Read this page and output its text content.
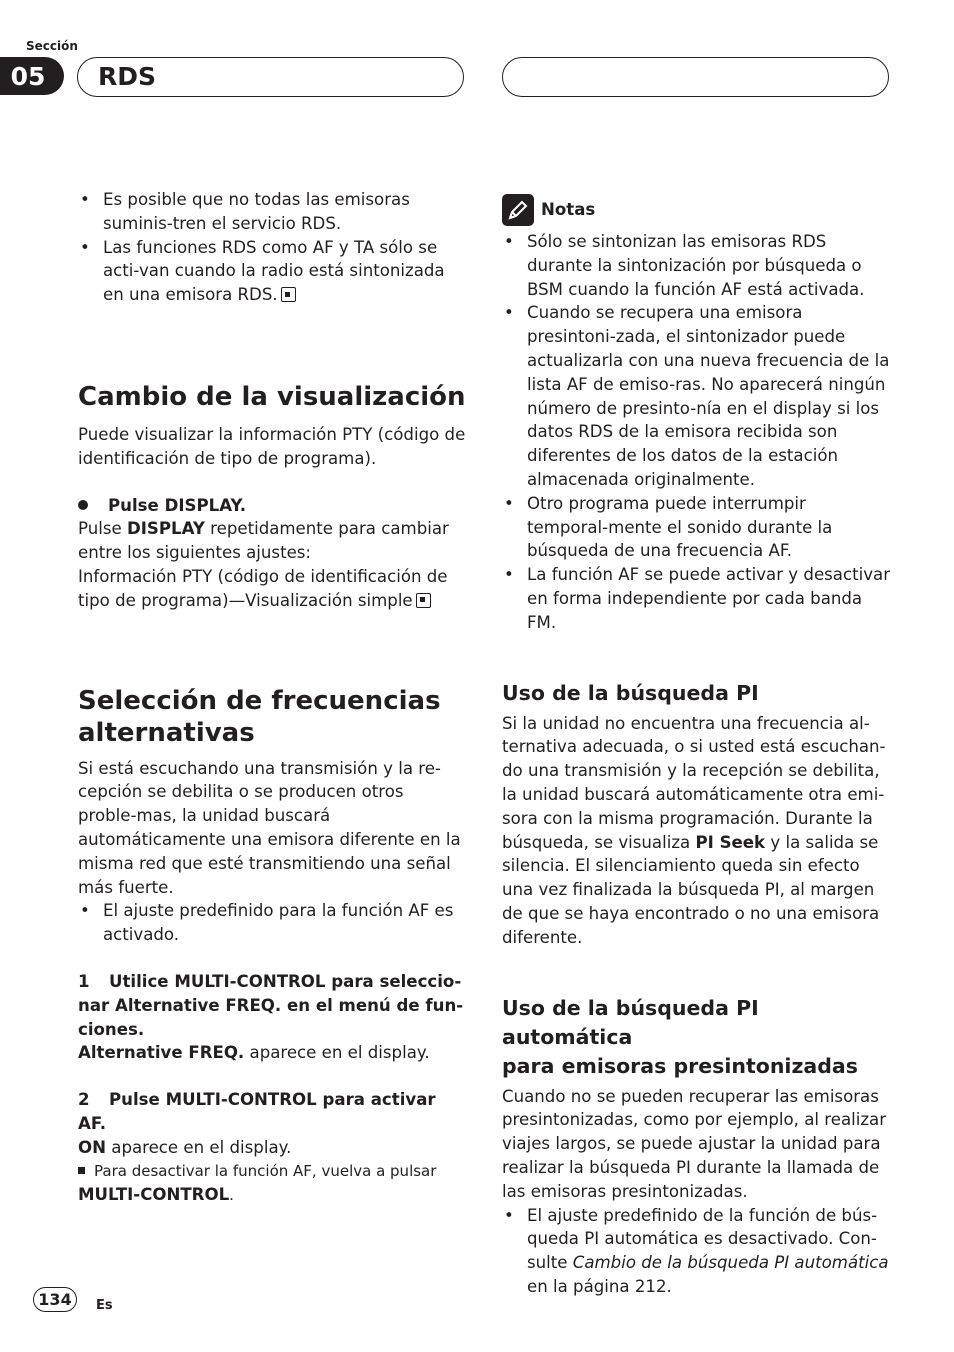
Sección
05	RDS
• Es posible que no todas las emisoras suminis-tren el servicio RDS.
• Las funciones RDS como AF y TA sólo se acti-van cuando la radio está sintonizada en una emisora RDS.
Cambio de la visualización

Puede visualizar la información PTY (código de identificación de tipo de programa).

Pulse DISPLAY.

Pulse DISPLAY repetidamente para cambiar entre los siguientes ajustes:

Información PTY (código de identificación de tipo de programa)—Visualización simple

Selección de frecuencias
alternativas

Si está escuchando una transmisión y la re-cepción se debilita o se producen otros proble-mas, la unidad buscará automáticamente una emisora diferente en la misma red que esté transmitiendo una señal más fuerte.

• El ajuste predefinido para la función AF es activado.

1 Utilice MULTI-CONTROL para seleccio-nar Alternative FREQ. en el menú de fun-ciones.

Alternative FREQ. aparece en el display.

2 Pulse MULTI-CONTROL para activar AF.

ON aparece en el display.

Para desactivar la función AF, vuelva a pulsar
MULTI-CONTROL.

Notas
• Sólo se sintonizan las emisoras RDS durante la sintonización por búsqueda o BSM cuando la función AF está activada.
• Cuando se recupera una emisora presintoni-zada, el sintonizador puede actualizarla con una nueva frecuencia de la lista AF de emiso-ras. No aparecerá ningún número de presinto-nía en el display si los datos RDS de la emisora recibida son diferentes de los datos de la estación almacenada originalmente.
• Otro programa puede interrumpir temporal-mente el sonido durante la búsqueda de una frecuencia AF.
• La función AF se puede activar y desactivar en forma independiente por cada banda FM.
Uso de la búsqueda PI

Si la unidad no encuentra una frecuencia al-ternativa adecuada, o si usted está escuchan-do una transmisión y la recepción se debilita, la unidad buscará automáticamente otra emi-sora con la misma programación. Durante la búsqueda, se visualiza PI Seek y la salida se silencia. El silenciamiento queda sin efecto una vez finalizada la búsqueda PI, al margen de que se haya encontrado o no una emisora diferente.

Uso de la búsqueda PI automática
para emisoras presintonizadas

Cuando no se pueden recuperar las emisoras presintonizadas, como por ejemplo, al realizar viajes largos, se puede ajustar la unidad para realizar la búsqueda PI durante la llamada de las emisoras presintonizadas.

• El ajuste predefinido de la función de bús-queda PI automática es desactivado. Con-sulte Cambio de la búsqueda PI automática en la página 212.
134	Es
